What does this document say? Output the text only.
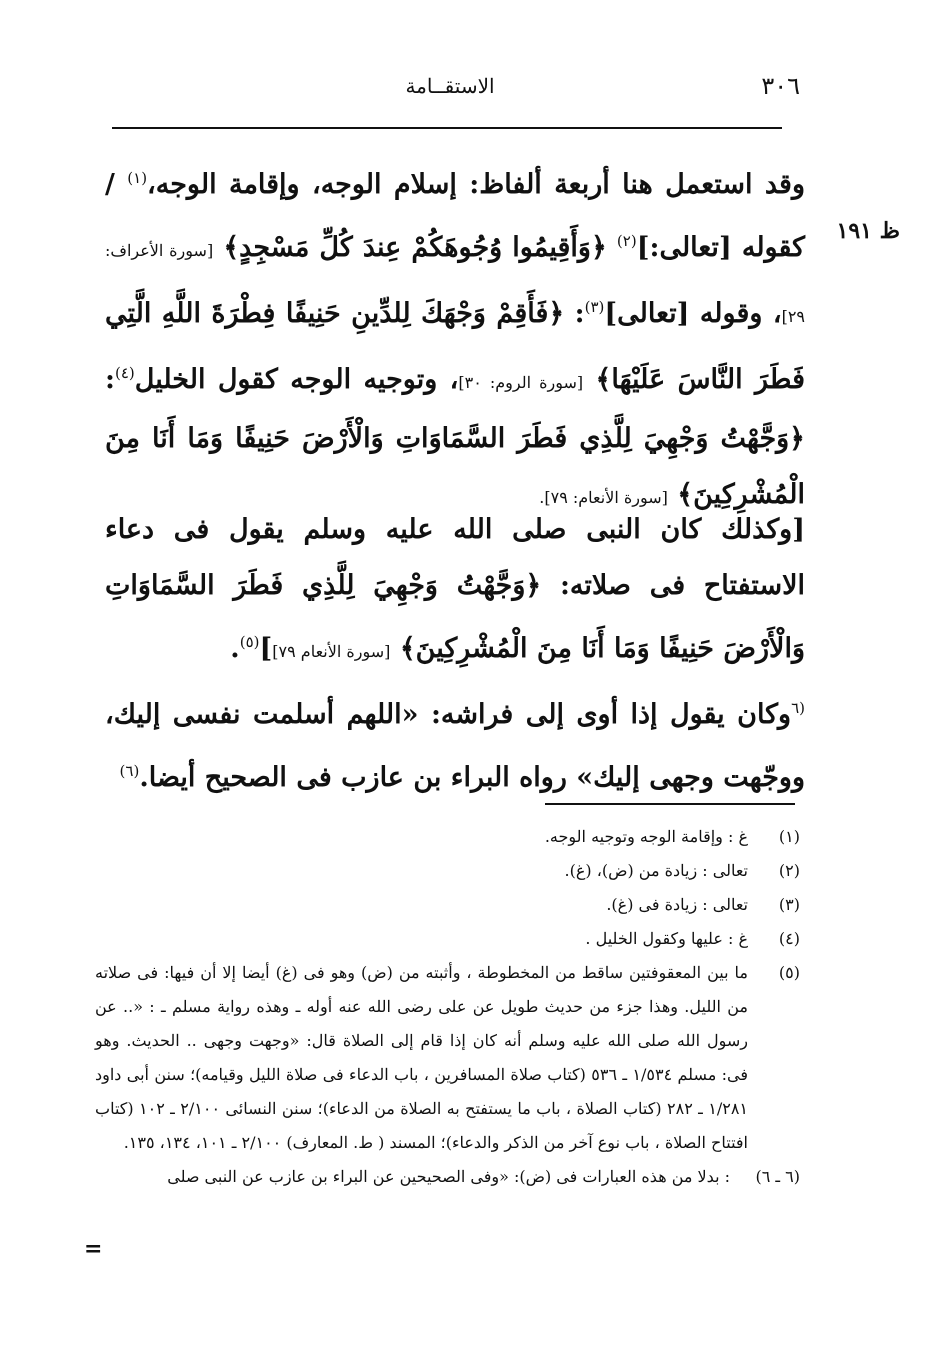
٣٠٦
الاستقــامة
ظ ١٩١
وقد استعمل هنا أربعة ألفاظ: إسلام الوجه، وإقامة الوجه،$^{(١)}$ / كقوله [تعالى:]$^{(٢)}$ ﴿وَأَقِيمُوا وُجُوهَكُمْ عِندَ كُلِّ مَسْجِدٍ﴾ [سورة الأعراف: ٢٩]، وقوله [تعالى]$^{(٣)}$: ﴿فَأَقِمْ وَجْهَكَ لِلدِّينِ حَنِيفًا فِطْرَةَ اللَّهِ الَّتِي فَطَرَ النَّاسَ عَلَيْهَا﴾ [سورة الروم: ٣٠]، وتوجيه الوجه كقول الخليل$^{(٤)}$: ﴿وَجَّهْتُ وَجْهِيَ لِلَّذِي فَطَرَ السَّمَاوَاتِ وَالْأَرْضَ حَنِيفًا وَمَا أَنَا مِنَ الْمُشْرِكِينَ﴾ [سورة الأنعام: ٧٩].
[وكذلك كان النبى صلى الله عليه وسلم يقول فى دعاء الاستفتاح فى صلاته: ﴿وَجَّهْتُ وَجْهِيَ لِلَّذِي فَطَرَ السَّمَاوَاتِ وَالْأَرْضَ حَنِيفًا وَمَا أَنَا مِنَ الْمُشْرِكِينَ﴾ [سورة الأنعام ٧٩]]$^{(٥)}$.
$^{(٦}$وكان يقول إذا أوى إلى فراشه: «اللهم أسلمت نفسى إليك، ووجّهت وجهى إليك» رواه البراء بن عازب فى الصحيح أيضا.$^{(٦)}$
(١)
غ : وإقامة الوجه وتوجيه الوجه.
(٢)
تعالى : زيادة من (ض)، (غ).
(٣)
تعالى : زيادة فى (غ).
(٤)
غ : عليها وكقول الخليل .
(٥)
ما بين المعقوفتين ساقط من المخطوطة ، وأثبته من (ض) وهو فى (غ) أيضا إلا أن فيها: فى صلاته من الليل. وهذا جزء من حديث طويل عن على رضى الله عنه أوله ـ وهذه رواية مسلم ـ : «.. عن رسول الله صلى الله عليه وسلم أنه كان إذا قام إلى الصلاة قال: «وجهت وجهى .. الحديث. وهو فى: مسلم ١/٥٣٤ ـ ٥٣٦ (كتاب صلاة المسافرين ، باب الدعاء فى صلاة الليل وقيامه)؛ سنن أبى داود ١/٢٨١ ـ ٢٨٢ (كتاب الصلاة ، باب ما يستفتح به الصلاة من الدعاء)؛ سنن النسائى ٢/١٠٠ ـ ١٠٢ (كتاب افتتاح الصلاة ، باب نوع آخر من الذكر والدعاء)؛ المسند ( ط. المعارف) ٢/١٠٠ ـ ١٠١، ١٣٤، ١٣٥.
(٦ ـ ٦)
: بدلا من هذه العبارات فى (ض): «وفى الصحيحين عن البراء بن عازب عن النبى صلى
=
